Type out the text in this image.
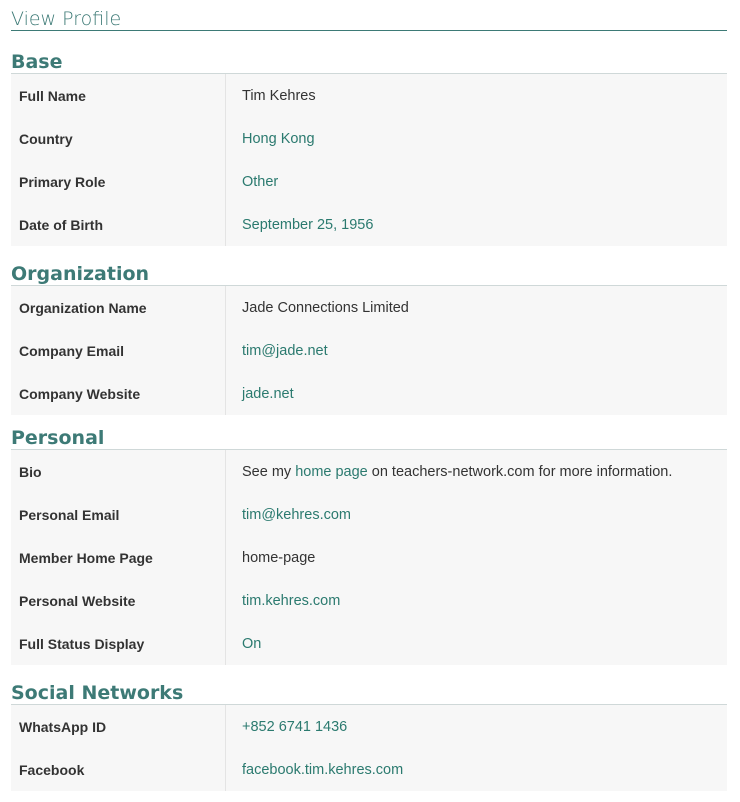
View Profile
Base
Full Name	Tim Kehres
Country	Hong Kong
Primary Role	Other
Date of Birth	September 25, 1956
Organization
Organization Name	Jade Connections Limited
Company Email	tim@jade.net
Company Website	jade.net
Personal
Bio	See my home page on teachers-network.com for more information.
Personal Email	tim@kehres.com
Member Home Page	home-page
Personal Website	tim.kehres.com
Full Status Display	On
Social Networks
WhatsApp ID	+852 6741 1436
Facebook	facebook.tim.kehres.com
